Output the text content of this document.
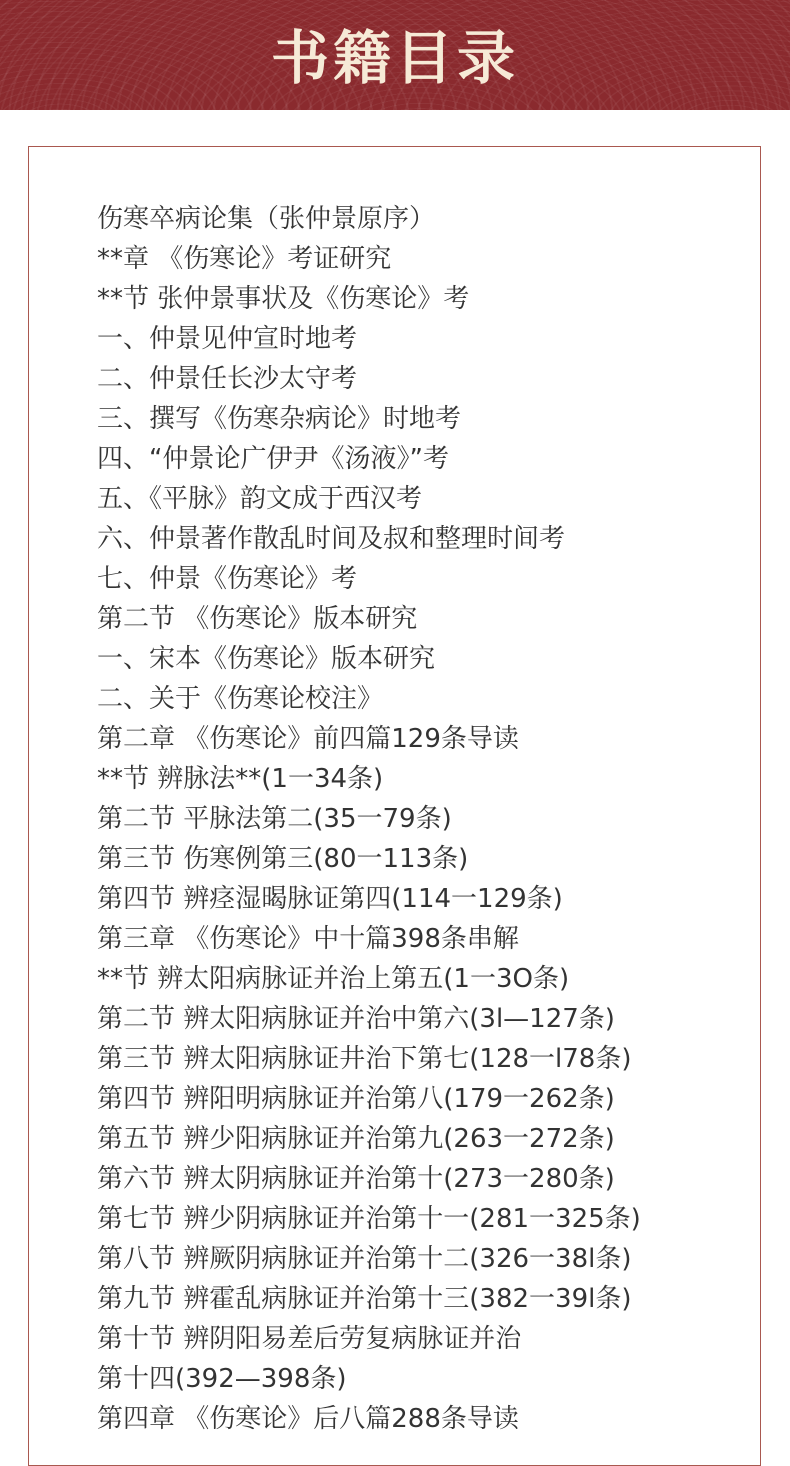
书籍目录
伤寒卒病论集（张仲景原序）
**章 《伤寒论》考证研究
**节 张仲景事状及《伤寒论》考
一、仲景见仲宣时地考
二、仲景任长沙太守考
三、撰写《伤寒杂病论》时地考
四、“仲景论广伊尹《汤液》”考
五、《平脉》韵文成于西汉考
六、仲景著作散乱时间及叔和整理时间考
七、仲景《伤寒论》考
第二节 《伤寒论》版本研究
一、宋本《伤寒论》版本研究
二、关于《伤寒论校注》
第二章 《伤寒论》前四篇129条导读
**节 辨脉法**(1一34条)
第二节 平脉法第二(35一79条)
第三节 伤寒例第三(80一113条)
第四节 辨痉湿暍脉证第四(114一129条)
第三章 《伤寒论》中十篇398条串解
**节 辨太阳病脉证并治上第五(1一3O条)
第二节 辨太阳病脉证并治中第六(3l—127条)
第三节 辨太阳病脉证井治下第七(128一l78条)
第四节 辨阳明病脉证并治第八(179一262条)
第五节 辨少阳病脉证并治第九(263一272条)
第六节 辨太阴病脉证并治第十(273一280条)
第七节 辨少阴病脉证并治第十一(281一325条)
第八节 辨厥阴病脉证并治第十二(326一38l条)
第九节 辨霍乱病脉证并治第十三(382一39l条)
第十节 辨阴阳易差后劳复病脉证并治
第十四(392—398条)
第四章 《伤寒论》后八篇288条导读
